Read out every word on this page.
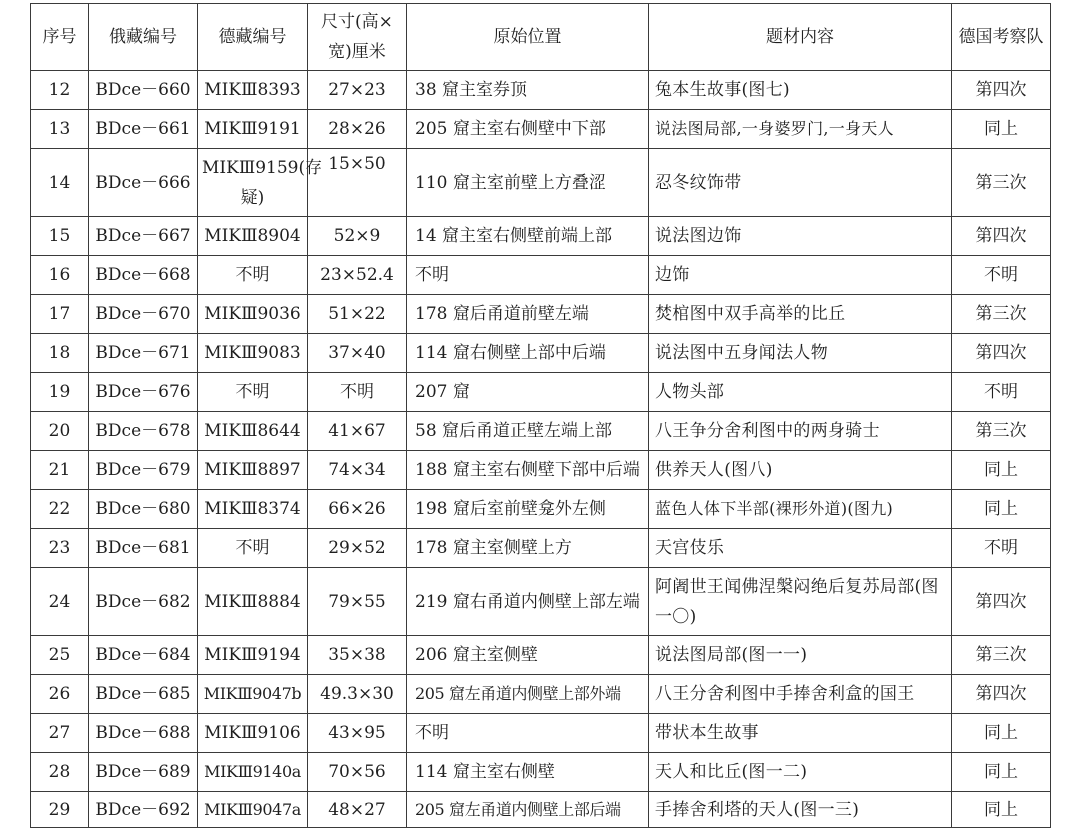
序号	俄藏编号	德藏编号	尺寸(高×宽)厘米	原始位置	题材内容	德国考察队
12	BDce－660	MIKⅢ8393	27×23	38 窟主室券顶	兔本生故事(图七)	第四次
13	BDce－661	MIKⅢ9191	28×26	205 窟主室右侧壁中下部	说法图局部,一身婆罗门,一身天人	同上
14	BDce－666	MIKⅢ9159(存疑)	15×50	110 窟主室前壁上方叠涩	忍冬纹饰带	第三次
15	BDce－667	MIKⅢ8904	52×9	14 窟主室右侧壁前端上部	说法图边饰	第四次
16	BDce－668	不明	23×52.4	不明	边饰	不明
17	BDce－670	MIKⅢ9036	51×22	178 窟后甬道前壁左端	焚棺图中双手高举的比丘	第三次
18	BDce－671	MIKⅢ9083	37×40	114 窟右侧壁上部中后端	说法图中五身闻法人物	第四次
19	BDce－676	不明	不明	207 窟	人物头部	不明
20	BDce－678	MIKⅢ8644	41×67	58 窟后甬道正壁左端上部	八王争分舍利图中的两身骑士	第三次
21	BDce－679	MIKⅢ8897	74×34	188 窟主室右侧壁下部中后端	供养天人(图八)	同上
22	BDce－680	MIKⅢ8374	66×26	198 窟后室前壁龛外左侧	蓝色人体下半部(裸形外道)(图九)	同上
23	BDce－681	不明	29×52	178 窟主室侧壁上方	天宫伎乐	不明
24	BDce－682	MIKⅢ8884	79×55	219 窟右甬道内侧壁上部左端	阿阇世王闻佛涅槃闷绝后复苏局部(图一〇)	第四次
25	BDce－684	MIKⅢ9194	35×38	206 窟主室侧壁	说法图局部(图一一)	第三次
26	BDce－685	MIKⅢ9047b	49.3×30	205 窟左甬道内侧壁上部外端	八王分舍利图中手捧舍利盒的国王	第四次
27	BDce－688	MIKⅢ9106	43×95	不明	带状本生故事	同上
28	BDce－689	MIKⅢ9140a	70×56	114 窟主室右侧壁	天人和比丘(图一二)	同上
29	BDce－692	MIKⅢ9047a	48×27	205 窟左甬道内侧壁上部后端	手捧舍利塔的天人(图一三)	同上
